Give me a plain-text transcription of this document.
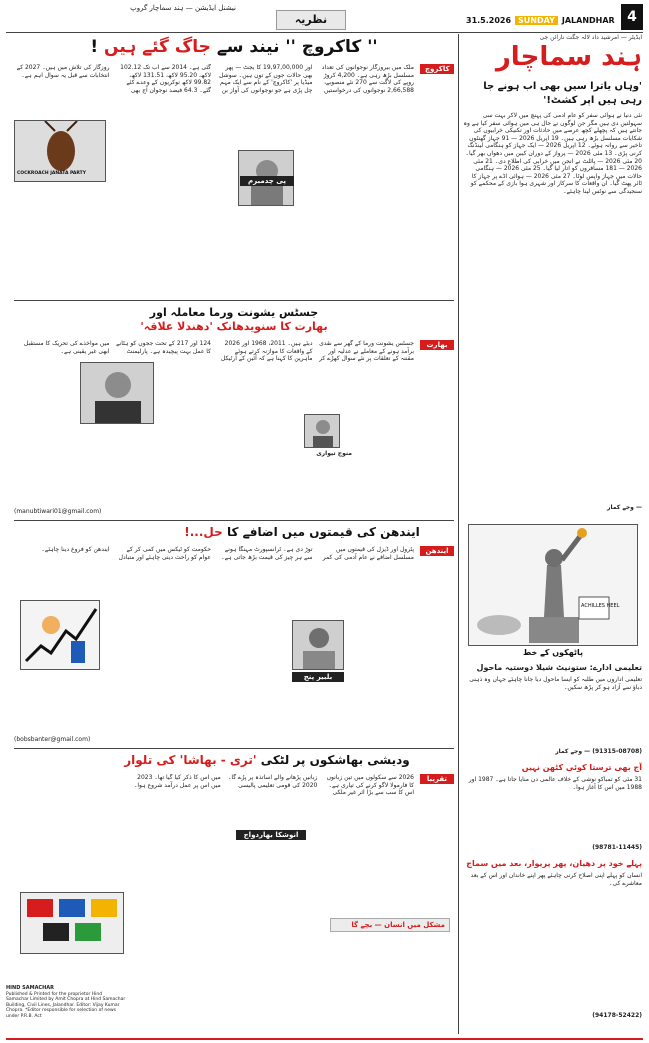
نیشنل ایڈیشن — ہند سماچار گروپ
نظریہ	31.5.2026 SUNDAY JALANDHAR 4
'' کاکروچ '' نیند سے جاگ گئے ہیں !	ایڈیٹر — امرشید داد لالہ جگت نارائن جی
ہند سماچار
'وہاں یاترا سیں بھی اب ہونے جا رہی ہیں اپر کشٹ!'
نئی دنیا نے ہوائی سفر کو عام آدمی کی پہنچ میں لاکر بہت سی سہولتیں دی ہیں مگر جن لوگوں نے حال ہی میں ہوائی سفر کیا ہے وہ جانتے ہیں کہ پچھلے کچھ عرصے میں حادثات اور تکنیکی خرابیوں کی شکایات مسلسل بڑھ رہی ہیں۔ 19 اپریل 2026 — 91 جہاز گھنٹوں تاخیر سے روانہ ہوئے۔ 12 اپریل 2026 — ایک جہاز کو ہنگامی لینڈنگ کرنی پڑی۔ 13 مئی 2026 — پرواز کے دوران کیبن میں دھواں بھر گیا۔ 20 مئی 2026 — پائلٹ نے انجن میں خرابی کی اطلاع دی۔ 21 مئی 2026 — 181 مسافروں کو اتار لیا گیا۔ 25 مئی 2026 — ہنگامی حالات میں جہاز واپس لوٹا۔ 27 مئی 2026 — ہوائی اڈے پر جہاز کا ٹائر پھٹ گیا۔ ان واقعات کا سرکار اور شہری ہوا بازی کے محکمے کو سنجیدگی سے نوٹس لینا چاہئے۔
— وجے کمار
ACHILLES HEEL
پاٹھکوں کے خط
تعلیمی ادارے: ستونیٹ شیلا دوستیہ ماحول
تعلیمی اداروں میں طلبہ کو ایسا ماحول دیا جانا چاہئے جہاں وہ ذہنی دباؤ سے آزاد ہو کر پڑھ سکیں۔
(91315-08708) — وجے کمار
آج بھی ترستا کوئی کٹھن نہیں
31 مئی کو تمباکو نوشی کے خلاف عالمی دن منایا جاتا ہے۔ 1987 اور 1988 میں اس کا آغاز ہوا۔
(98781-11445)
پہلے خود پر دھیان، پھر پریوار، بعد میں سماج
انسان کو پہلے اپنی اصلاح کرنی چاہئے پھر اپنے خاندان اور اس کے بعد معاشرے کی۔
(94178-52422)
کاکروچ
ملک میں بیروزگار نوجوانوں کی تعداد مسلسل بڑھ رہی ہے۔ 4,200 کروڑ روپے کی لاگت سے 270 نئے منصوبے، 2,66,588 نوجوانوں کی درخواستیں اور 19,97,00,000 کا بجٹ — پھر بھی حالات جوں کے توں ہیں۔ سوشل میڈیا پر 'کاکروچ' کے نام سے ایک مہم چل پڑی ہے جو نوجوانوں کی آواز بن گئی ہے۔ 2014 سے اب تک 102.12 لاکھ، 95.20 لاکھ، 131.51 لاکھ، 99.82 لاکھ نوکریوں کے وعدے کئے گئے۔ 64.3 فیصد نوجوان آج بھی روزگار کی تلاش میں ہیں۔ 2027 کے انتخابات سے قبل یہ سوال اہم ہے۔
COCKROACH JANATA PARTY
پی چدمبرم
جسٹس یشونت ورما معاملہ اور
بھارت کا سنویدھانک 'دھندلا علاقہ'
بھارت
جسٹس یشونت ورما کے گھر سے نقدی برآمد ہونے کے معاملے نے عدلیہ اور مقننہ کے تعلقات پر نئے سوال کھڑے کر دیئے ہیں۔ 2011، 1968 اور 2026 کے واقعات کا موازنہ کرتے ہوئے ماہرین کا کہنا ہے کہ آئین کے آرٹیکل 124 اور 217 کے تحت ججوں کو ہٹانے کا عمل بہت پیچیدہ ہے۔ پارلیمنٹ میں مواخذے کی تحریک کا مستقبل ابھی غیر یقینی ہے۔
منوج تیواری
(manubtiwari01@gmail.com)
ایندھن کی قیمتوں میں اضافے کا حل...!
ایندھن
پٹرول اور ڈیزل کی قیمتوں میں مسلسل اضافے نے عام آدمی کی کمر توڑ دی ہے۔ ٹرانسپورٹ مہنگا ہونے سے ہر چیز کی قیمت بڑھ جاتی ہے۔ حکومت کو ٹیکس میں کمی کر کے عوام کو راحت دینی چاہئے اور متبادل ایندھن کو فروغ دینا چاہئے۔
بلبیر پنج
(bobsbanter@gmail.com)
ودیشی بھاشکوں پر لٹکی 'تری - بھاشا' کی تلوار
تقریبا
2026 سے سکولوں میں تین زبانوں کا فارمولا لاگو کرنے کی تیاری ہے۔ اس کا سب سے بڑا اثر غیر ملکی زبانیں پڑھانے والے اساتذہ پر پڑے گا۔ 2020 کی قومی تعلیمی پالیسی میں اس کا ذکر کیا گیا تھا۔ 2023 میں اس پر عمل درآمد شروع ہوا۔
انوشکا بھاردواج
مشکل میں انسان — بچے گا
HIND SAMACHAR
Published & Printed for the proprietor Hind Samachar Limited by Amit Chopra at Hind Samachar Building, Civil Lines, Jalandhar. Editor: Vijay Kumar Chopra. *Editor responsible for selection of news under P.R.B. Act
